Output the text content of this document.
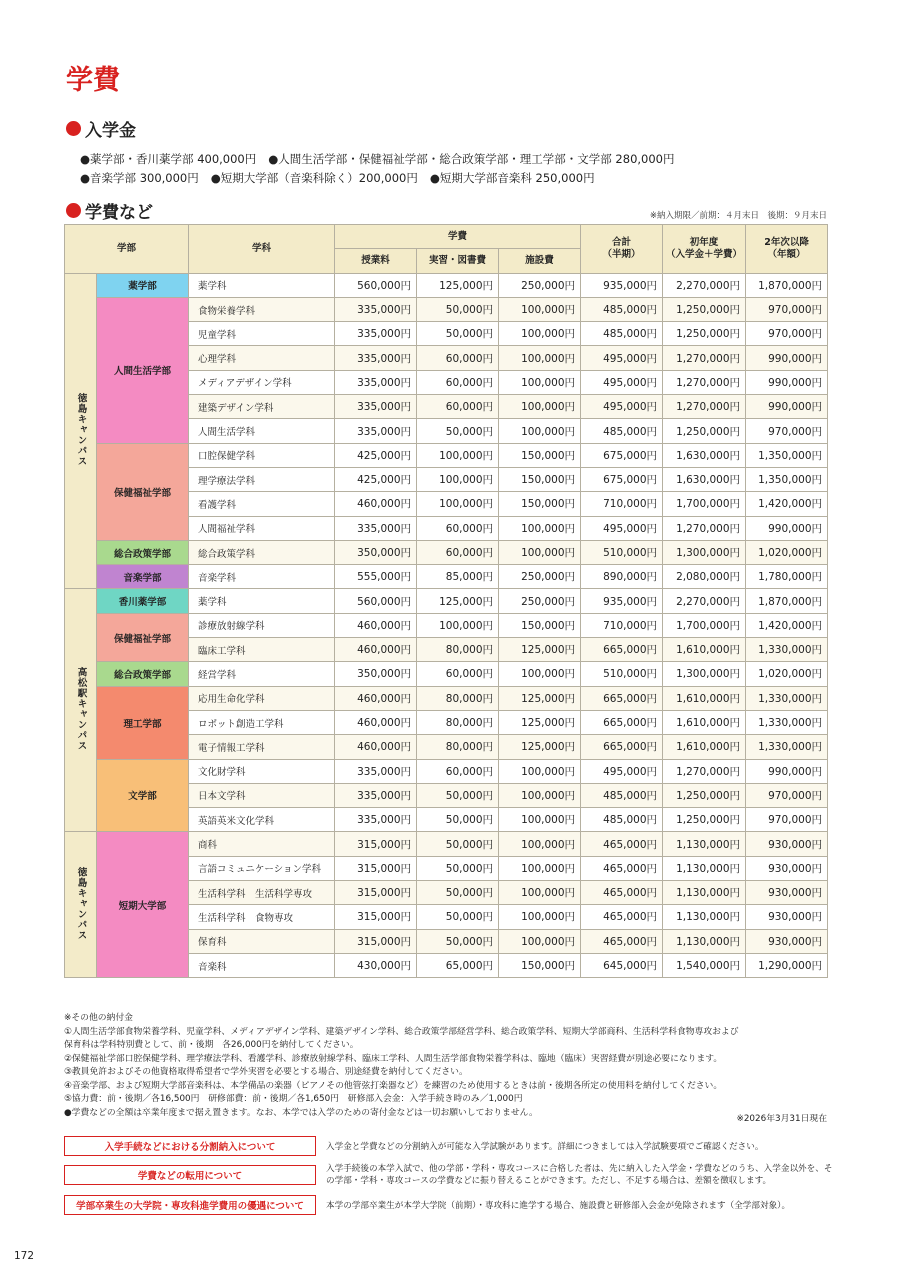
学費
入学金
●薬学部・香川薬学部 400,000円 ●人間生活学部・保健福祉学部・総合政策学部・理工学部・文学部 280,000円
●音楽学部 300,000円 ●短期大学部（音楽科除く）200,000円 ●短期大学部音楽科 250,000円
学費など	※納入期限／前期：４月末日　後期：９月末日
学部		学科	学費			合計
（半期）	初年度
（入学金＋学費）	2年次以降
（年額）
			授業料	実習・図書費	施設費			
徳島キャンパス	薬学部	薬学科	560,000円	125,000円	250,000円	935,000円	2,270,000円	1,870,000円
	人間生活学部	食物栄養学科	335,000円	50,000円	100,000円	485,000円	1,250,000円	970,000円
		児童学科	335,000円	50,000円	100,000円	485,000円	1,250,000円	970,000円
		心理学科	335,000円	60,000円	100,000円	495,000円	1,270,000円	990,000円
		メディアデザイン学科	335,000円	60,000円	100,000円	495,000円	1,270,000円	990,000円
		建築デザイン学科	335,000円	60,000円	100,000円	495,000円	1,270,000円	990,000円
		人間生活学科	335,000円	50,000円	100,000円	485,000円	1,250,000円	970,000円
	保健福祉学部	口腔保健学科	425,000円	100,000円	150,000円	675,000円	1,630,000円	1,350,000円
		理学療法学科	425,000円	100,000円	150,000円	675,000円	1,630,000円	1,350,000円
		看護学科	460,000円	100,000円	150,000円	710,000円	1,700,000円	1,420,000円
		人間福祉学科	335,000円	60,000円	100,000円	495,000円	1,270,000円	990,000円
	総合政策学部	総合政策学科	350,000円	60,000円	100,000円	510,000円	1,300,000円	1,020,000円
	音楽学部	音楽学科	555,000円	85,000円	250,000円	890,000円	2,080,000円	1,780,000円
高松駅キャンパス	香川薬学部	薬学科	560,000円	125,000円	250,000円	935,000円	2,270,000円	1,870,000円
	保健福祉学部	診療放射線学科	460,000円	100,000円	150,000円	710,000円	1,700,000円	1,420,000円
		臨床工学科	460,000円	80,000円	125,000円	665,000円	1,610,000円	1,330,000円
	総合政策学部	経営学科	350,000円	60,000円	100,000円	510,000円	1,300,000円	1,020,000円
	理工学部	応用生命化学科	460,000円	80,000円	125,000円	665,000円	1,610,000円	1,330,000円
		ロボット創造工学科	460,000円	80,000円	125,000円	665,000円	1,610,000円	1,330,000円
		電子情報工学科	460,000円	80,000円	125,000円	665,000円	1,610,000円	1,330,000円
	文学部	文化財学科	335,000円	60,000円	100,000円	495,000円	1,270,000円	990,000円
		日本文学科	335,000円	50,000円	100,000円	485,000円	1,250,000円	970,000円
		英語英米文化学科	335,000円	50,000円	100,000円	485,000円	1,250,000円	970,000円
徳島キャンパス	短期大学部	商科	315,000円	50,000円	100,000円	465,000円	1,130,000円	930,000円
		言語コミュニケーション学科	315,000円	50,000円	100,000円	465,000円	1,130,000円	930,000円
		生活科学科　生活科学専攻	315,000円	50,000円	100,000円	465,000円	1,130,000円	930,000円
		生活科学科　食物専攻	315,000円	50,000円	100,000円	465,000円	1,130,000円	930,000円
		保育科	315,000円	50,000円	100,000円	465,000円	1,130,000円	930,000円
		音楽科	430,000円	65,000円	150,000円	645,000円	1,540,000円	1,290,000円
※その他の納付金
①人間生活学部食物栄養学科、児童学科、メディアデザイン学科、建築デザイン学科、総合政策学部経営学科、総合政策学科、短期大学部商科、生活科学科食物専攻および
保育科は学科特別費として、前・後期　各26,000円を納付してください。
②保健福祉学部口腔保健学科、理学療法学科、看護学科、診療放射線学科、臨床工学科、人間生活学部食物栄養学科は、臨地（臨床）実習経費が別途必要になります。
③教員免許およびその他資格取得希望者で学外実習を必要とする場合、別途経費を納付してください。
④音楽学部、および短期大学部音楽科は、本学備品の楽器（ピアノその他管弦打楽器など）を練習のため使用するときは前・後期各所定の使用料を納付してください。
⑤協力費：前・後期／各16,500円　研修部費：前・後期／各1,650円　研修部入会金：入学手続き時のみ／1,000円
●学費などの全額は卒業年度まで据え置きます。なお、本学では入学のための寄付金などは一切お願いしておりません。
※2026年3月31日現在
入学手続などにおける分割納入について	入学金と学費などの分割納入が可能な入学試験があります。詳細につきましては入学試験要項でご確認ください。
学費などの転用について
入学手続後の本学入試で、他の学部・学科・専攻コースに合格した者は、先に納入した入学金・学費などのうち、入学金以外を、その学部・学科・専攻コースの学費などに振り替えることができます。ただし、不足する場合は、差額を徴収します。
学部卒業生の大学院・専攻科進学費用の優遇について	本学の学部卒業生が本学大学院（前期）・専攻科に進学する場合、施設費と研修部入会金が免除されます（全学部対象）。
172
